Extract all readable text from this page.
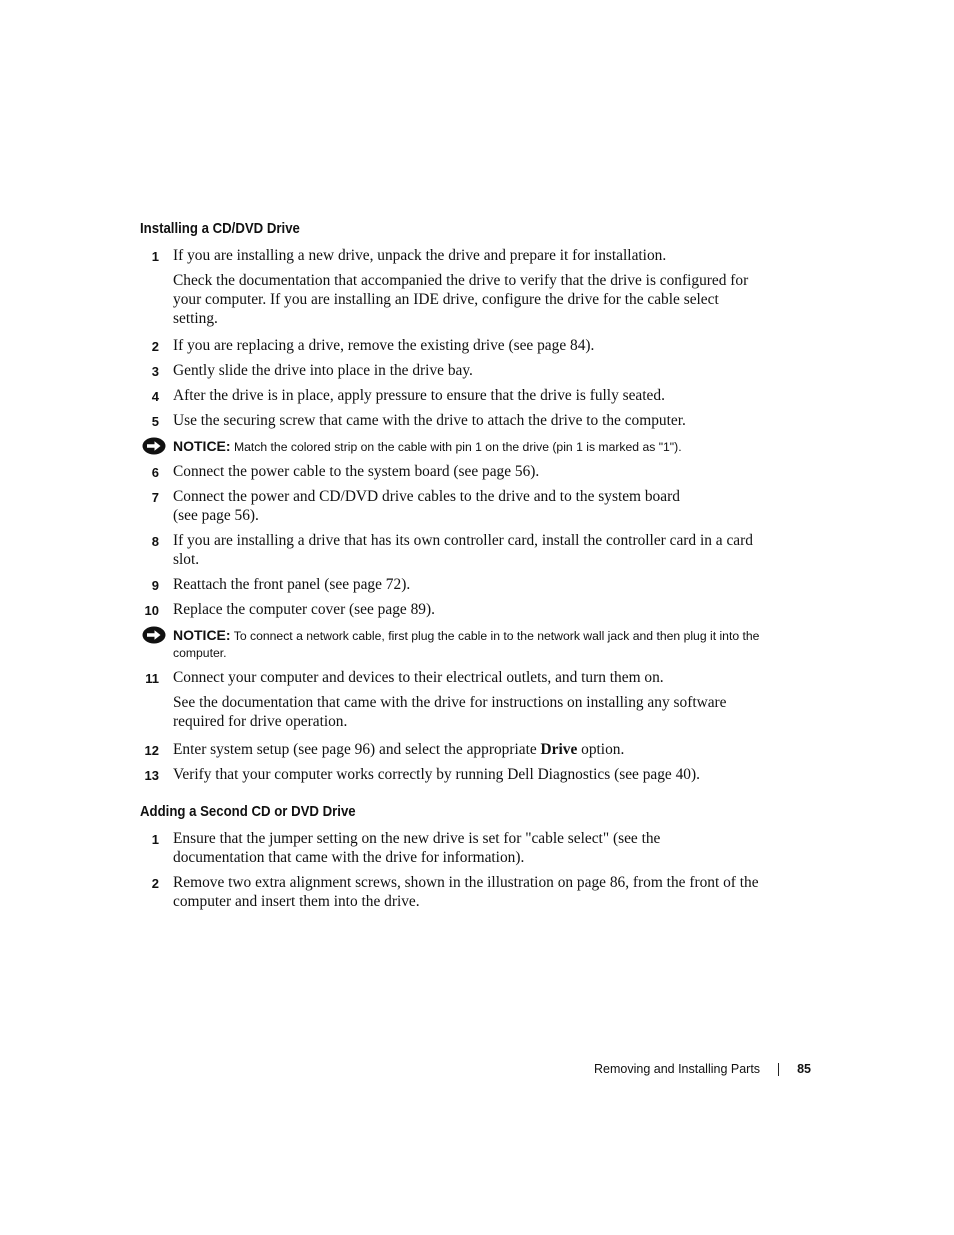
Installing a CD/DVD Drive
1 If you are installing a new drive, unpack the drive and prepare it for installation.
Check the documentation that accompanied the drive to verify that the drive is configured for your computer. If you are installing an IDE drive, configure the drive for the cable select setting.
2 If you are replacing a drive, remove the existing drive (see page 84).
3 Gently slide the drive into place in the drive bay.
4 After the drive is in place, apply pressure to ensure that the drive is fully seated.
5 Use the securing screw that came with the drive to attach the drive to the computer.
NOTICE: Match the colored strip on the cable with pin 1 on the drive (pin 1 is marked as "1").
6 Connect the power cable to the system board (see page 56).
7 Connect the power and CD/DVD drive cables to the drive and to the system board (see page 56).
8 If you are installing a drive that has its own controller card, install the controller card in a card slot.
9 Reattach the front panel (see page 72).
10 Replace the computer cover (see page 89).
NOTICE: To connect a network cable, first plug the cable in to the network wall jack and then plug it into the computer.
11 Connect your computer and devices to their electrical outlets, and turn them on.
See the documentation that came with the drive for instructions on installing any software required for drive operation.
12 Enter system setup (see page 96) and select the appropriate Drive option.
13 Verify that your computer works correctly by running Dell Diagnostics (see page 40).
Adding a Second CD or DVD Drive
1 Ensure that the jumper setting on the new drive is set for "cable select" (see the documentation that came with the drive for information).
2 Remove two extra alignment screws, shown in the illustration on page 86, from the front of the computer and insert them into the drive.
Removing and Installing Parts	85
